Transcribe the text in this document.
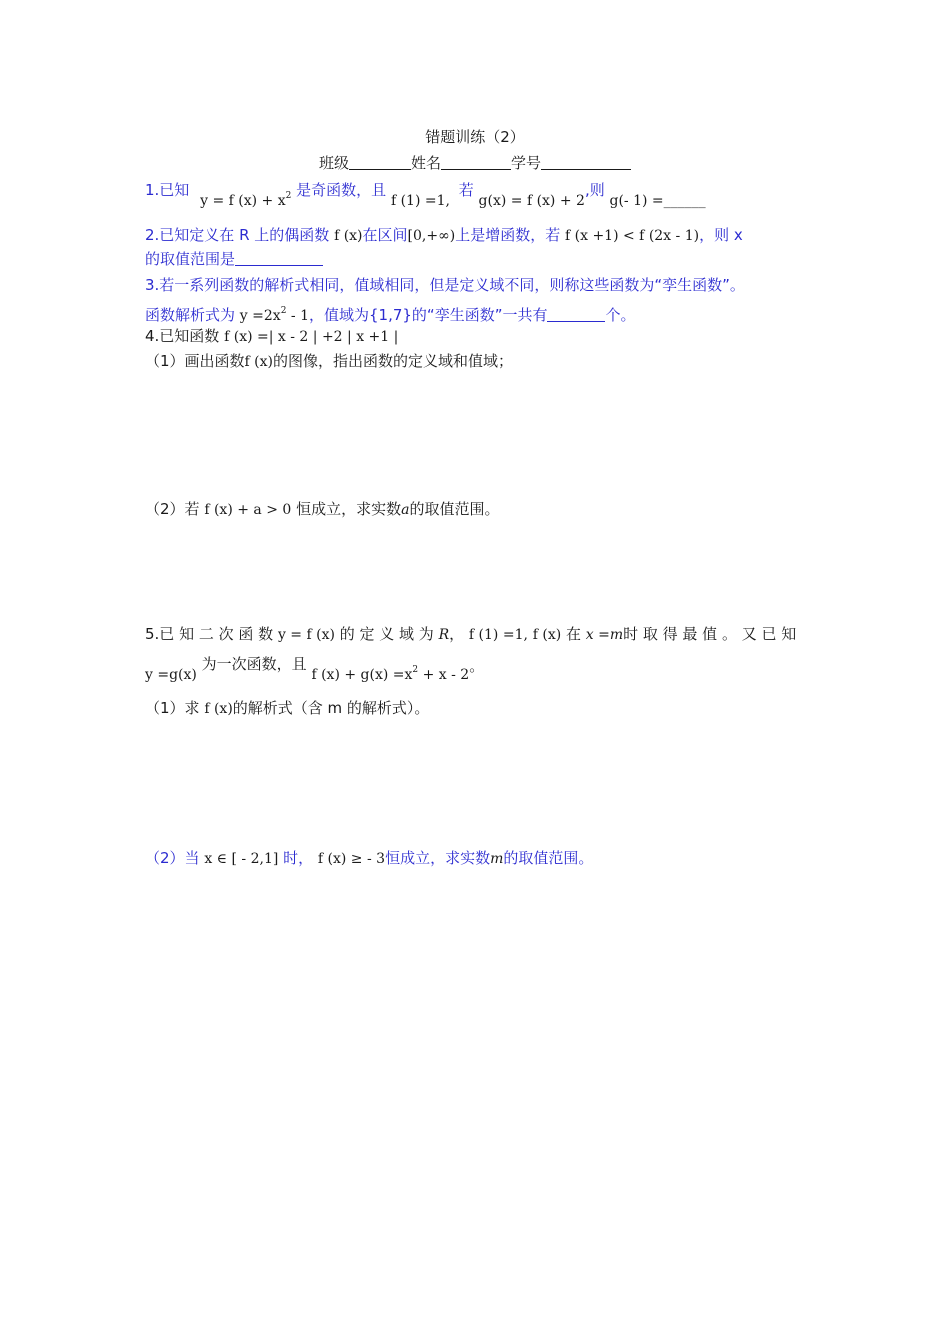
错题训练（2）
班级	姓名	学号
1.已知 y = f $(x) + x^2$ 是奇函数，且 f (1) =1, 若 g(x) = f (x) + 2,则 g(- 1) =______
2.已知定义在 R 上的偶函数 f (x)在区间[0,+∞)上是增函数，若 f (x +1) < f (2x - 1)，则 x
的取值范围是
3.若一系列函数的解析式相同，值域相同，但是定义域不同，则称这些函数为“孪生函数”。
函数解析式为 $y =2x^2 - 1$，值域为{1,7}的“孪生函数”一共有	个。
4.已知函数 f (x) =| x - 2 | +2 | x +1 |
（1）画出函数f (x)的图像，指出函数的定义域和值域；
（2）若 f (x) + a > 0 恒成立，求实数a的取值范围。
5.已 知 二 次 函 数 y = f (x) 的 定 义 域 为 R， f (1) =1, f (x) 在 x =m时 取 得 最 值 。 又 已 知
y =g(x) 为一次函数，且 f $(x) + g(x) =x^2 + x - 2$。
（1）求 f (x)的解析式（含 m 的解析式）。
（2）当 x ∈ [ - 2,1] 时， f (x) ≥ - 3恒成立，求实数m的取值范围。
